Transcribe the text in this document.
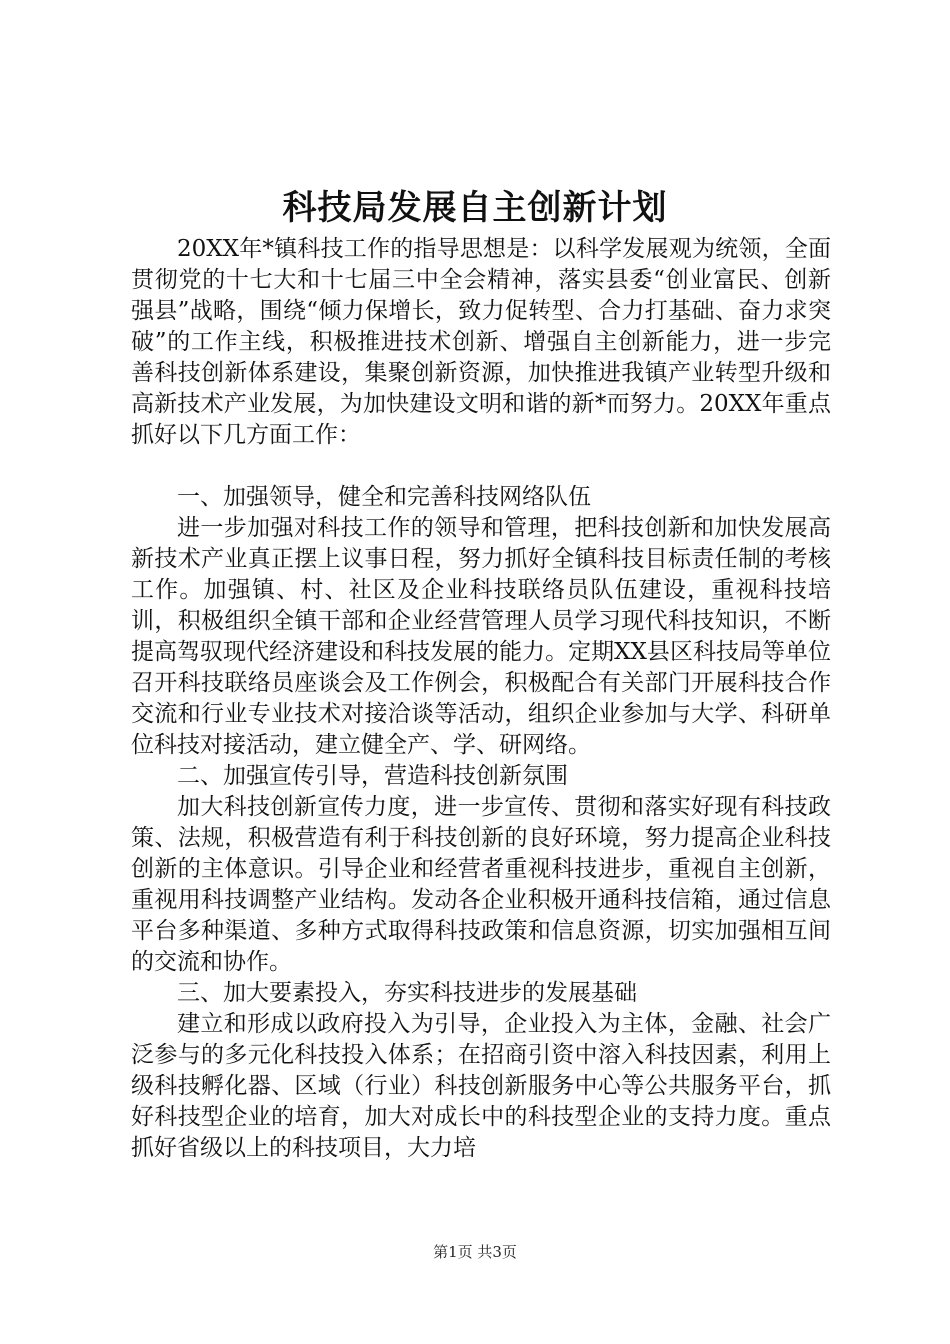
科技局发展自主创新计划

20XX年*镇科技工作的指导思想是：以科学发展观为统领，全面贯彻党的十七大和十七届三中全会精神，落实县委“创业富民、创新强县”战略，围绕“倾力保增长，致力促转型、合力打基础、奋力求突破”的工作主线，积极推进技术创新、增强自主创新能力，进一步完善科技创新体系建设，集聚创新资源，加快推进我镇产业转型升级和高新技术产业发展，为加快建设文明和谐的新*而努力。20XX年重点抓好以下几方面工作：

一、加强领导，健全和完善科技网络队伍

进一步加强对科技工作的领导和管理，把科技创新和加快发展高新技术产业真正摆上议事日程，努力抓好全镇科技目标责任制的考核工作。加强镇、村、社区及企业科技联络员队伍建设，重视科技培训，积极组织全镇干部和企业经营管理人员学习现代科技知识，不断提高驾驭现代经济建设和科技发展的能力。定期XX县区科技局等单位召开科技联络员座谈会及工作例会，积极配合有关部门开展科技合作交流和行业专业技术对接洽谈等活动，组织企业参加与大学、科研单位科技对接活动，建立健全产、学、研网络。

二、加强宣传引导，营造科技创新氛围

加大科技创新宣传力度，进一步宣传、贯彻和落实好现有科技政策、法规，积极营造有利于科技创新的良好环境，努力提高企业科技创新的主体意识。引导企业和经营者重视科技进步，重视自主创新，重视用科技调整产业结构。发动各企业积极开通科技信箱，通过信息平台多种渠道、多种方式取得科技政策和信息资源，切实加强相互间的交流和协作。

三、加大要素投入，夯实科技进步的发展基础

建立和形成以政府投入为引导，企业投入为主体，金融、社会广泛参与的多元化科技投入体系；在招商引资中溶入科技因素，利用上级科技孵化器、区域（行业）科技创新服务中心等公共服务平台，抓好科技型企业的培育，加大对成长中的科技型企业的支持力度。重点抓好省级以上的科技项目，大力培

第1页 共3页
